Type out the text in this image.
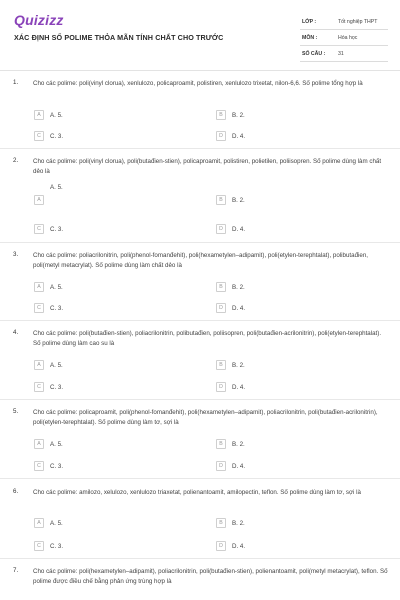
Quizizz
XÁC ĐỊNH SỐ POLIME THỎA MÃN TÍNH CHẤT CHO TRƯỚC
LỚP :	Tốt nghiệp THPT
MÔN :	Hóa học
SỐ CÂU : 31
1. Cho các polime: poli(vinyl clorua), xenlulozo, policaproamit, polistiren, xenlulozo trixetat, nilon-6,6. Số polime tổng hợp là
A	A. 5.	B	B. 2.
C	C. 3.	D	D. 4.
2. Cho các polime: poli(vinyl clorua), poli(butađien-stien), policaproamit, polistiren, polietilen, poliisopren. Số polime dùng làm chất dẻo là
A
A. 5.
B	B. 2.
C	C. 3.	D	D. 4.
3. Cho các polime: poliacrilonitrin, poli(phenol-fomanđehit), poli(hexametylen–adipamit), poli(etylen-terephtalat), polibutađien, poli(metyl metacrylat). Số polime dùng làm chất dẻo là
A	A. 5.	B	B. 2.
C	C. 3.	D	D. 4.
4. Cho các polime: poli(butađien-stien), poliacrilonitrin, polibutađien, poliisopren, poli(butađien-acrilonitrin), poli(etylen-terephtalat). Số polime dùng làm cao su là
A	A. 5.	B	B. 2.
C	C. 3.	D	D. 4.
5. Cho các polime: policaproamit, poli(phenol-fomanđehit), poli(hexametylen–adipamit), poliacrilonitrin, poli(butađien-acrilonitrin), poli(etylen-terephtalat). Số polime dùng làm tơ, sợi là
A	A. 5.	B	B. 2.
C	C. 3.	D	D. 4.
6. Cho các polime: amilozo, xelulozo, xenlulozo triaxetat, polienantoamit, amilopectin, teflon. Số polime dùng làm tơ, sợi là
A	A. 5.	B	B. 2.
C	C. 3.	D	D. 4.
7. Cho các polime: poli(hexametylen–adipamit), poliacrilonitrin, poli(butađien-stien), polienantoamit, poli(metyl metacrylat), teflon. Số polime được điều chế bằng phản ứng trùng hợp là
